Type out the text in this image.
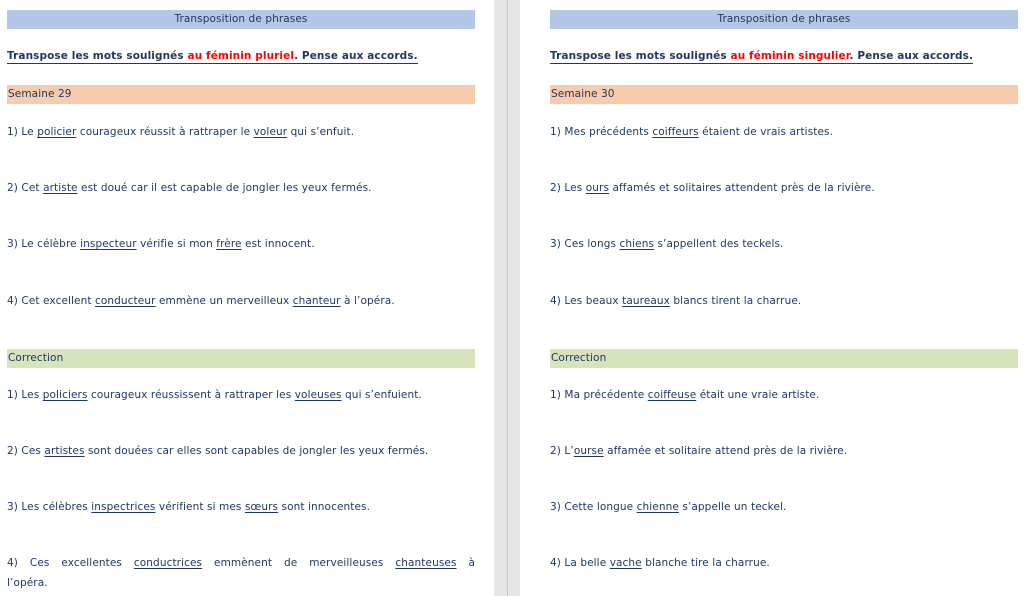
Transposition de phrases
Transpose les mots soulignés au féminin pluriel. Pense aux accords.
Semaine 29
1) Le policier courageux réussit à rattraper le voleur qui s’enfuit.
2) Cet artiste est doué car il est capable de jongler les yeux fermés.
3) Le célèbre inspecteur vérifie si mon frère est innocent.
4) Cet excellent conducteur emmène un merveilleux chanteur à l’opéra.
Correction
1) Les policiers courageux réussissent à rattraper les voleuses qui s’enfuient.
2) Ces artistes sont douées car elles sont capables de jongler les yeux fermés.
3) Les célèbres inspectrices vérifient si mes sœurs sont innocentes.
4) Ces excellentes conductrices emmènent de merveilleuses chanteuses à l’opéra.
Transposition de phrases
Transpose les mots soulignés au féminin singulier. Pense aux accords.
Semaine 30
1) Mes précédents coiffeurs étaient de vrais artistes.
2) Les ours affamés et solitaires attendent près de la rivière.
3) Ces longs chiens s’appellent des teckels.
4) Les beaux taureaux blancs tirent la charrue.
Correction
1) Ma précédente coiffeuse était une vraie artiste.
2) L’ourse affamée et solitaire attend près de la rivière.
3) Cette longue chienne s’appelle un teckel.
4) La belle vache blanche tire la charrue.
